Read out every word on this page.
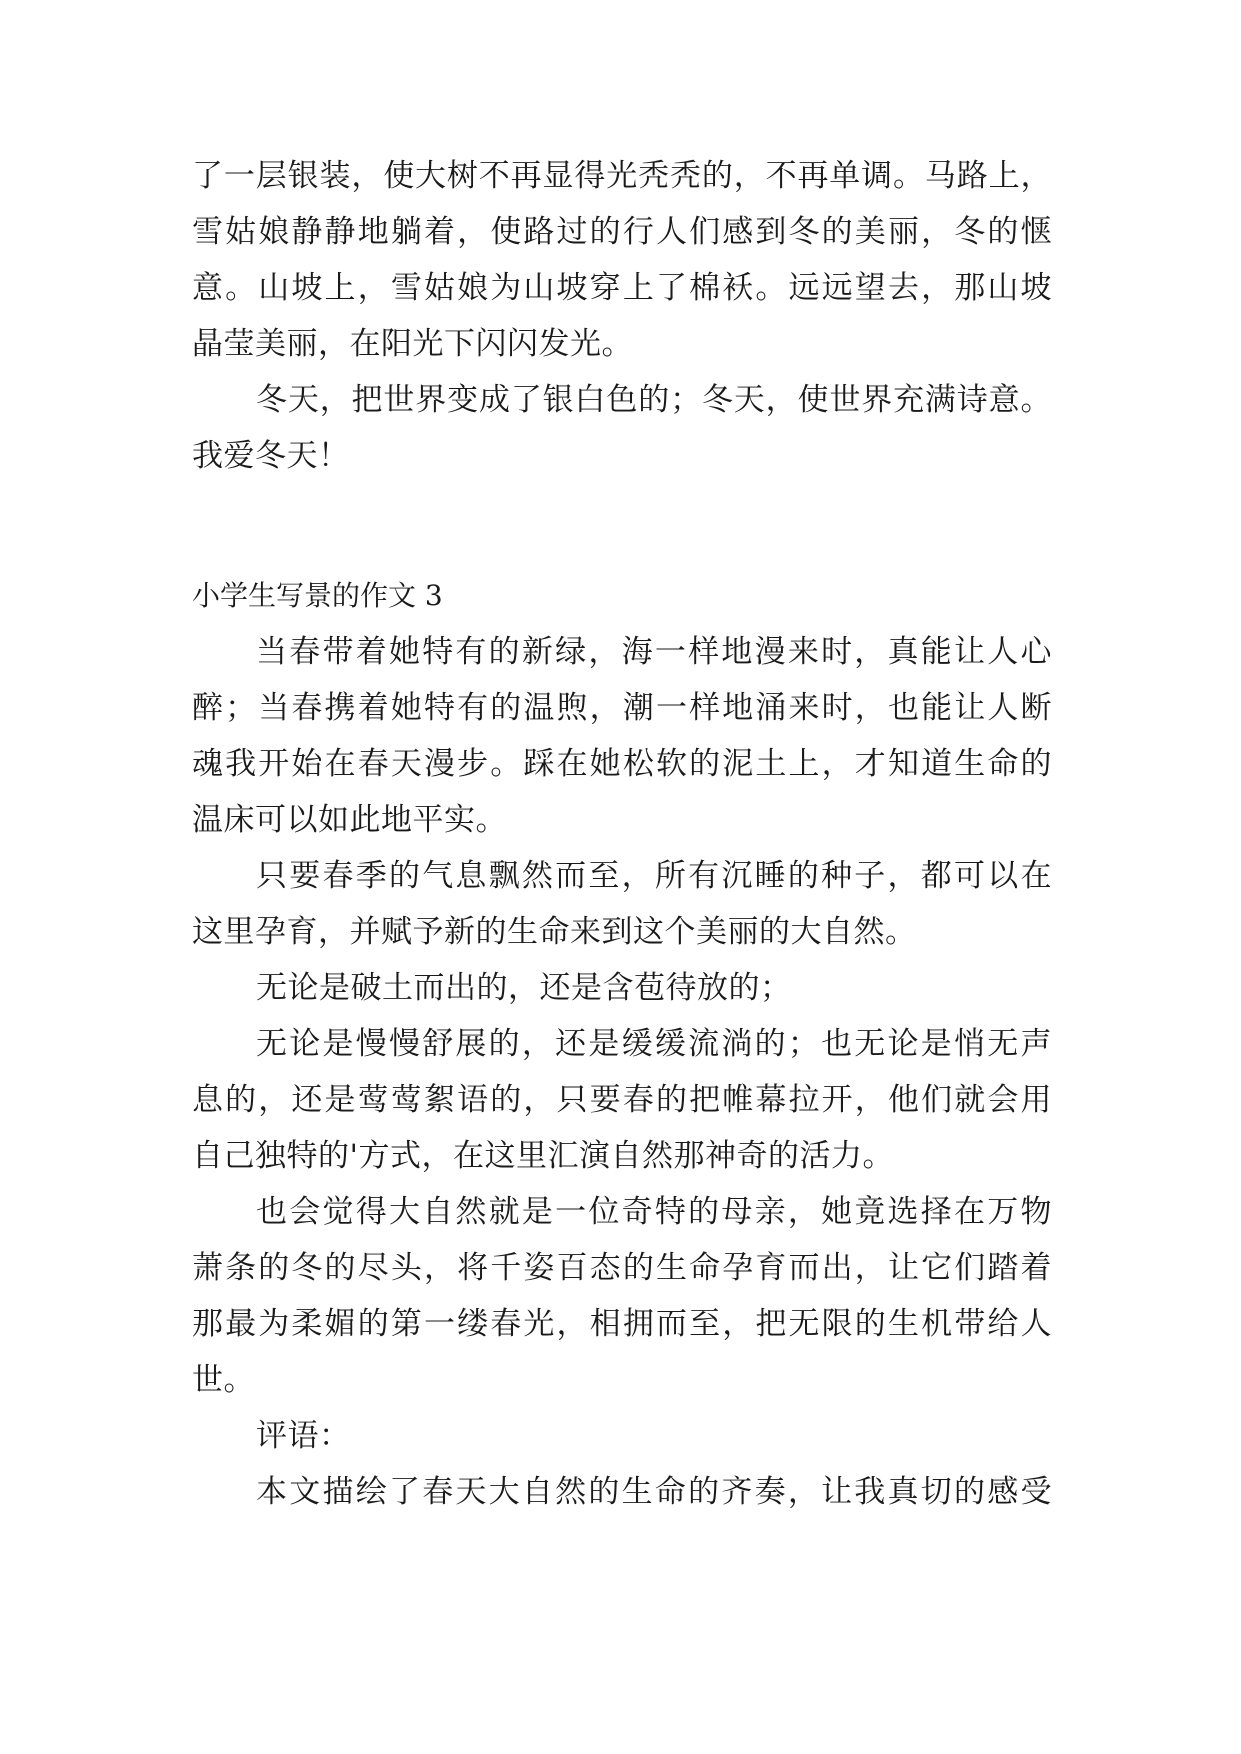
了一层银装，使大树不再显得光秃秃的，不再单调。马路上，
雪姑娘静静地躺着，使路过的行人们感到冬的美丽，冬的惬
意。山坡上，雪姑娘为山坡穿上了棉袄。远远望去，那山坡
晶莹美丽，在阳光下闪闪发光。
冬天，把世界变成了银白色的；冬天，使世界充满诗意。
我爱冬天！
小学生写景的作文 3
当春带着她特有的新绿，海一样地漫来时，真能让人心
醉；当春携着她特有的温煦，潮一样地涌来时，也能让人断
魂我开始在春天漫步。踩在她松软的泥土上，才知道生命的
温床可以如此地平实。
只要春季的气息飘然而至，所有沉睡的种子，都可以在
这里孕育，并赋予新的生命来到这个美丽的大自然。
无论是破土而出的，还是含苞待放的；
无论是慢慢舒展的，还是缓缓流淌的；也无论是悄无声
息的，还是莺莺絮语的，只要春的把帷幕拉开，他们就会用
自己独特的'方式，在这里汇演自然那神奇的活力。
也会觉得大自然就是一位奇特的母亲，她竟选择在万物
萧条的冬的尽头，将千姿百态的生命孕育而出，让它们踏着
那最为柔媚的第一缕春光，相拥而至，把无限的生机带给人
世。
评语：
本文描绘了春天大自然的生命的齐奏，让我真切的感受
